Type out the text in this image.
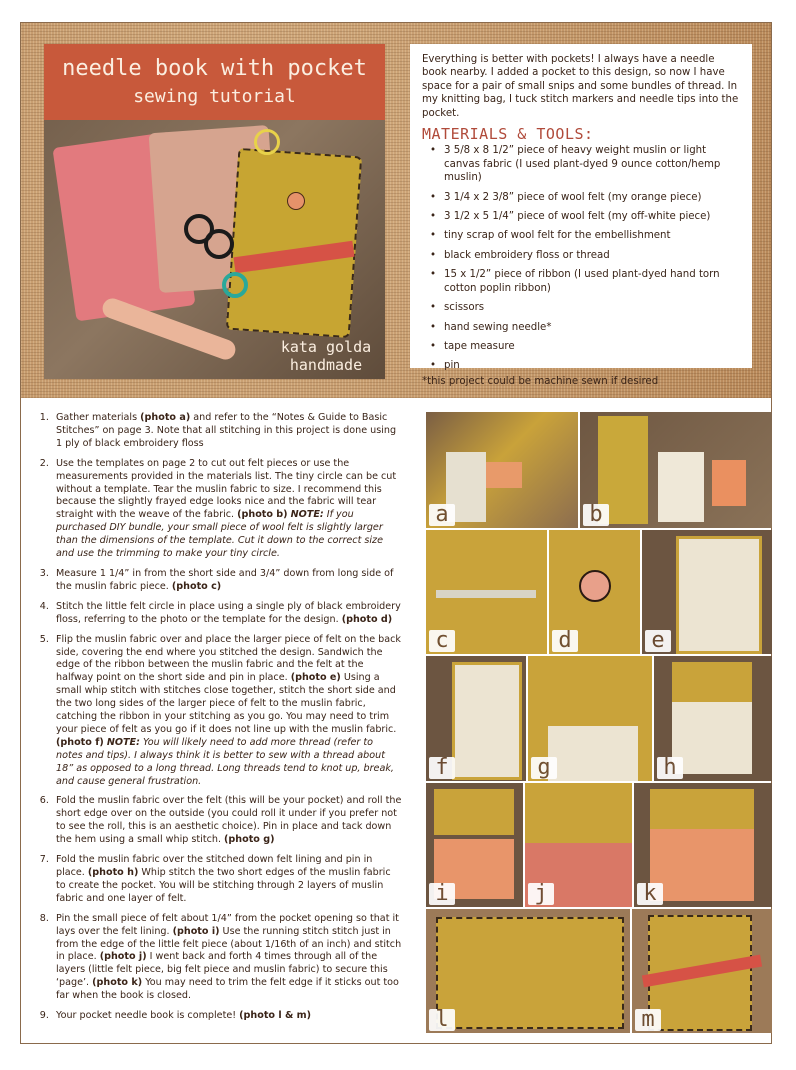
needle book with pocket
sewing tutorial
kata golda
handmade

Everything is better with pockets! I always have a needle book nearby. I added a pocket to this design, so now I have space for a pair of small snips and some bundles of thread. In my knitting bag, I tuck stitch markers and needle tips into the pocket.

MATERIALS & TOOLS:
• 3 5/8 x 8 1/2” piece of heavy weight muslin or light canvas fabric (I used plant-dyed 9 ounce cotton/hemp muslin)
• 3 1/4 x 2 3/8” piece of wool felt (my orange piece)
• 3 1/2 x 5 1/4” piece of wool felt (my off-white piece)
• tiny scrap of wool felt for the embellishment
• black embroidery floss or thread
• 15 x 1/2” piece of ribbon (I used plant-dyed hand torn cotton poplin ribbon)
• scissors
• hand sewing needle*
• tape measure
• pin

*this project could be machine sewn if desired

1. Gather materials (photo a) and refer to the “Notes & Guide to Basic Stitches” on page 3. Note that all stitching in this project is done using 1 ply of black embroidery floss
2. Use the templates on page 2 to cut out felt pieces or use the measurements provided in the materials list. The tiny circle can be cut without a template. Tear the muslin fabric to size. I recommend this because the slightly frayed edge looks nice and the fabric will tear straight with the weave of the fabric. (photo b) NOTE: If you purchased DIY bundle, your small piece of wool felt is slightly larger than the dimensions of the template. Cut it down to the correct size and use the trimming to make your tiny circle.
3. Measure 1 1/4” in from the short side and 3/4” down from long side of the muslin fabric piece. (photo c)
4. Stitch the little felt circle in place using a single ply of black embroidery floss, referring to the photo or the template for the design. (photo d)
5. Flip the muslin fabric over and place the larger piece of felt on the back side, covering the end where you stitched the design. Sandwich the edge of the ribbon between the muslin fabric and the felt at the halfway point on the short side and pin in place. (photo e) Using a small whip stitch with stitches close together, stitch the short side and the two long sides of the larger piece of felt to the muslin fabric, catching the ribbon in your stitching as you go. You may need to trim your piece of felt as you go if it does not line up with the muslin fabric. (photo f) NOTE: You will likely need to add more thread (refer to notes and tips). I always think it is better to sew with a thread about 18” as opposed to a long thread. Long threads tend to knot up, break, and cause general frustration.
6. Fold the muslin fabric over the felt (this will be your pocket) and roll the short edge over on the outside (you could roll it under if you prefer not to see the roll, this is an aesthetic choice). Pin in place and tack down the hem using a small whip stitch. (photo g)
7. Fold the muslin fabric over the stitched down felt lining and pin in place. (photo h) Whip stitch the two short edges of the muslin fabric to create the pocket. You will be stitching through 2 layers of muslin fabric and one layer of felt.
8. Pin the small piece of felt about 1/4” from the pocket opening so that it lays over the felt lining. (photo i) Use the running stitch stitch just in from the edge of the little felt piece (about 1/16th of an inch) and stitch in place. (photo j) I went back and forth 4 times through all of the layers (little felt piece, big felt piece and muslin fabric) to secure this ‘page’. (photo k) You may need to trim the felt edge if it sticks out too far when the book is closed.
9. Your pocket needle book is complete! (photo l & m)
a	b
c	d	e
f	g	h
i	j	k
l	m
